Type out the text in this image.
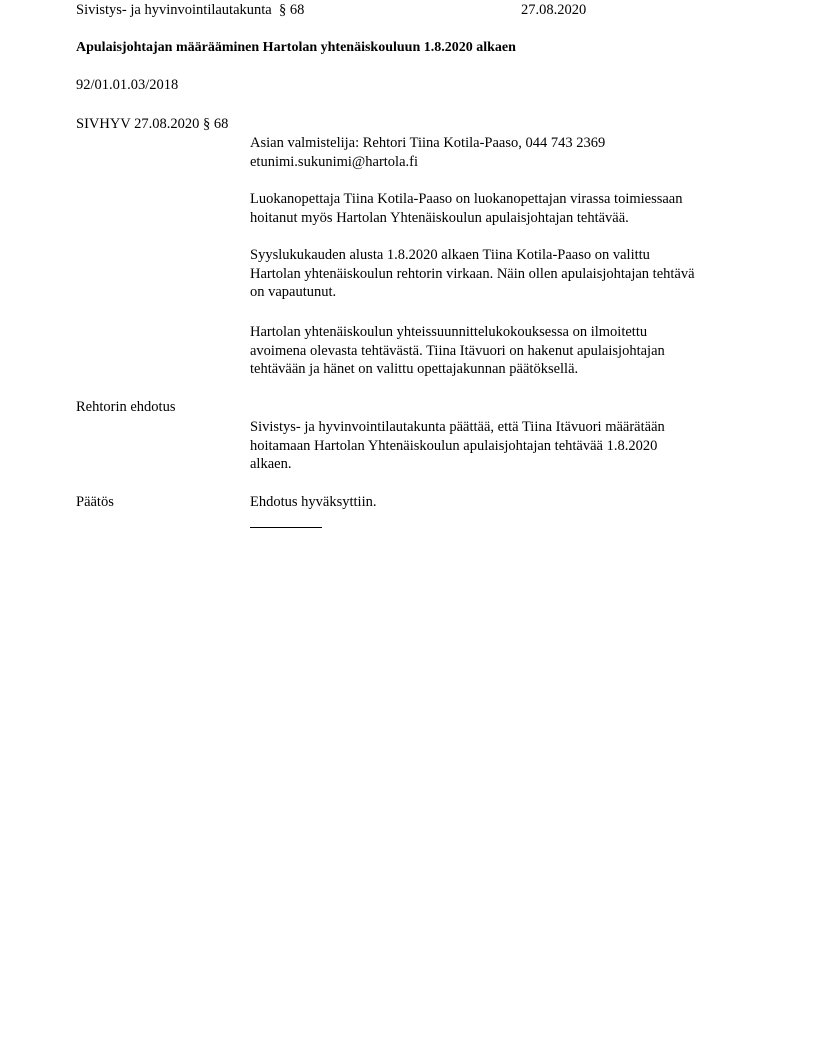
Sivistys- ja hyvinvointilautakunta § 68	27.08.2020
Apulaisjohtajan määrääminen Hartolan yhtenäiskouluun 1.8.2020 alkaen
92/01.01.03/2018
SIVHYV 27.08.2020 § 68

Asian valmistelija: Rehtori Tiina Kotila-Paaso, 044 743 2369

etunimi.sukunimi@hartola.fi

Luokanopettaja Tiina Kotila-Paaso on luokanopettajan virassa toimiessaan

hoitanut myös Hartolan Yhtenäiskoulun apulaisjohtajan tehtävää.

Syyslukukauden alusta 1.8.2020 alkaen Tiina Kotila-Paaso on valittu

Hartolan yhtenäiskoulun rehtorin virkaan. Näin ollen apulaisjohtajan tehtävä

on vapautunut.

Hartolan yhtenäiskoulun yhteissuunnittelukokouksessa on ilmoitettu

avoimena olevasta tehtävästä. Tiina Itävuori on hakenut apulaisjohtajan

tehtävään ja hänet on valittu opettajakunnan päätöksellä.

Rehtorin ehdotus

Sivistys- ja hyvinvointilautakunta päättää, että Tiina Itävuori määrätään

hoitamaan Hartolan Yhtenäiskoulun apulaisjohtajan tehtävää 1.8.2020

alkaen.

Päätös	Ehdotus hyväksyttiin.
